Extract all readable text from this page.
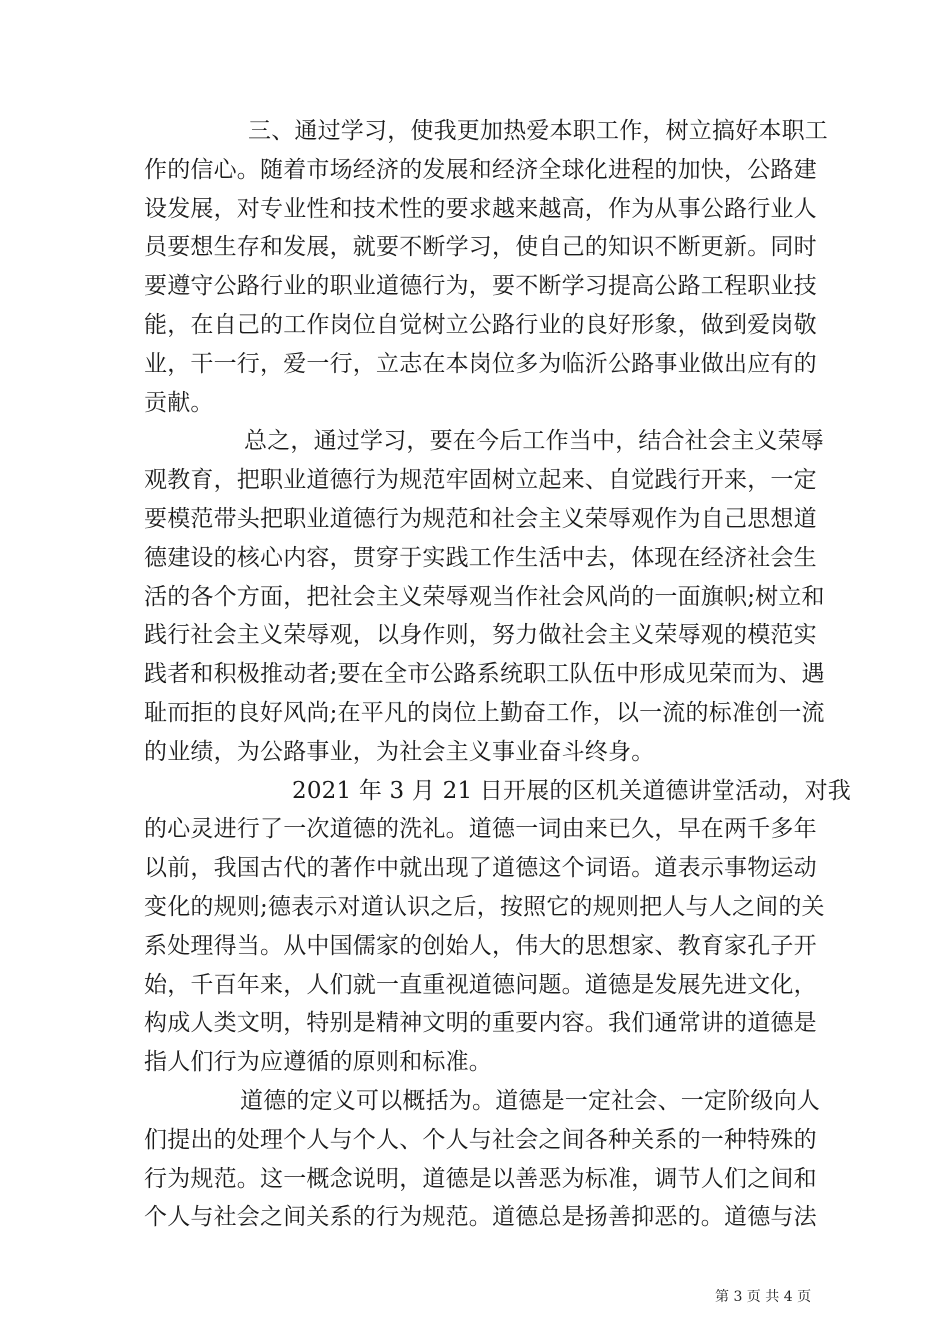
三、通过学习，使我更加热爱本职工作，树立搞好本职工
作的信心。随着市场经济的发展和经济全球化进程的加快，公路建
设发展，对专业性和技术性的要求越来越高，作为从事公路行业人
员要想生存和发展，就要不断学习，使自己的知识不断更新。同时
要遵守公路行业的职业道德行为，要不断学习提高公路工程职业技
能，在自己的工作岗位自觉树立公路行业的良好形象，做到爱岗敬
业，干一行，爱一行，立志在本岗位多为临沂公路事业做出应有的
贡献。
总之，通过学习，要在今后工作当中，结合社会主义荣辱
观教育，把职业道德行为规范牢固树立起来、自觉践行开来，一定
要模范带头把职业道德行为规范和社会主义荣辱观作为自己思想道
德建设的核心内容，贯穿于实践工作生活中去，体现在经济社会生
活的各个方面，把社会主义荣辱观当作社会风尚的一面旗帜;树立和
践行社会主义荣辱观，以身作则，努力做社会主义荣辱观的模范实
践者和积极推动者;要在全市公路系统职工队伍中形成见荣而为、遇
耻而拒的良好风尚;在平凡的岗位上勤奋工作，以一流的标准创一流
的业绩，为公路事业，为社会主义事业奋斗终身。
2021 年 3 月 21 日开展的区机关道德讲堂活动，对我
的心灵进行了一次道德的洗礼。道德一词由来已久，早在两千多年
以前，我国古代的著作中就出现了道德这个词语。道表示事物运动
变化的规则;德表示对道认识之后，按照它的规则把人与人之间的关
系处理得当。从中国儒家的创始人，伟大的思想家、教育家孔子开
始，千百年来，人们就一直重视道德问题。道德是发展先进文化，
构成人类文明，特别是精神文明的重要内容。我们通常讲的道德是
指人们行为应遵循的原则和标准。
道德的定义可以概括为。道德是一定社会、一定阶级向人
们提出的处理个人与个人、个人与社会之间各种关系的一种特殊的
行为规范。这一概念说明，道德是以善恶为标准，调节人们之间和
个人与社会之间关系的行为规范。道德总是扬善抑恶的。道德与法
第 3 页 共 4 页
